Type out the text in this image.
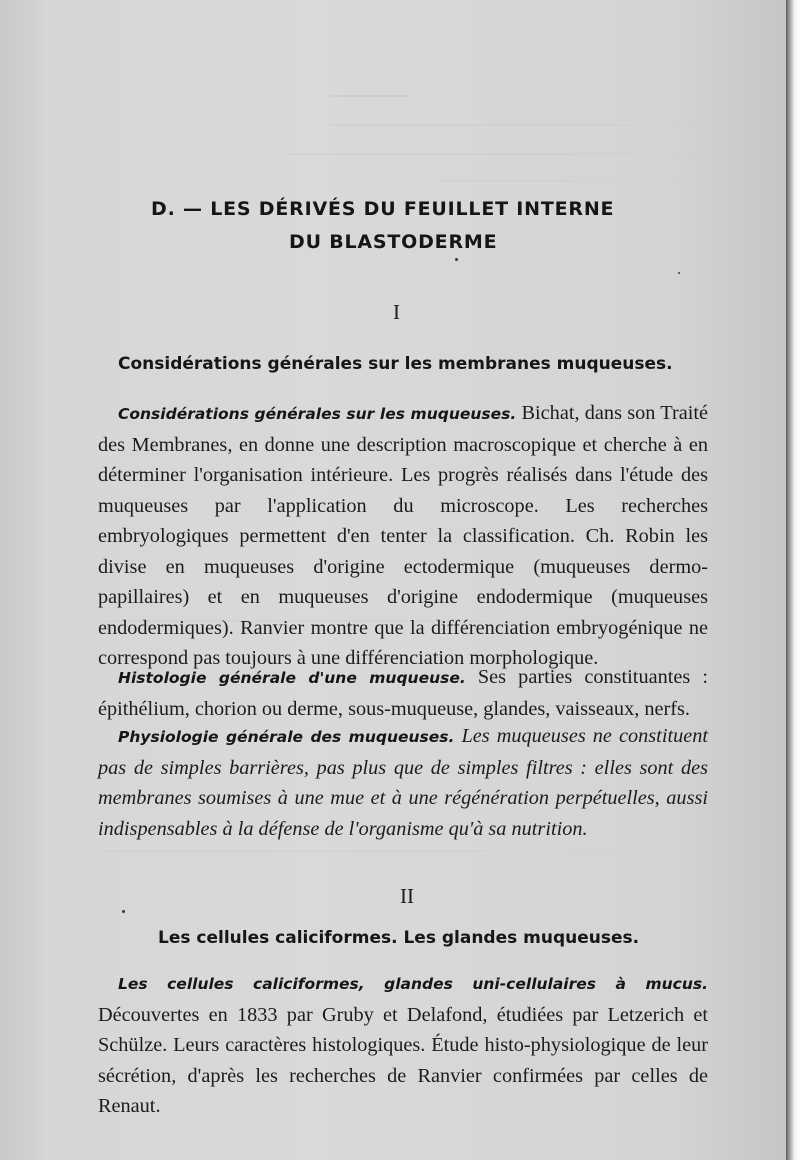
D. — LES DÉRIVÉS DU FEUILLET INTERNE
DU BLASTODERME
I
Considérations générales sur les membranes muqueuses.

Considérations générales sur les muqueuses. Bichat, dans son Traité des Membranes, en donne une description macroscopique et cherche à en déterminer l'organisation intérieure. Les progrès réalisés dans l'étude des muqueuses par l'application du microscope. Les recherches embryologiques permettent d'en tenter la classification. Ch. Robin les divise en muqueuses d'origine ectodermique (muqueuses dermo-papillaires) et en muqueuses d'origine endodermique (muqueuses endodermiques). Ranvier montre que la différenciation embryogénique ne correspond pas toujours à une différenciation morphologique.

Histologie générale d'une muqueuse. Ses parties constituantes : épithélium, chorion ou derme, sous-muqueuse, glandes, vaisseaux, nerfs.

Physiologie générale des muqueuses. Les muqueuses ne constituent pas de simples barrières, pas plus que de simples filtres : elles sont des membranes soumises à une mue et à une régénération perpétuelles, aussi indispensables à la défense de l'organisme qu'à sa nutrition.

II
Les cellules caliciformes. Les glandes muqueuses.

Les cellules caliciformes, glandes uni-cellulaires à mucus. Découvertes en 1833 par Gruby et Delafond, étudiées par Letzerich et Schülze. Leurs caractères histologiques. Étude histo-physiologique de leur sécrétion, d'après les recherches de Ranvier confirmées par celles de Renaut.
